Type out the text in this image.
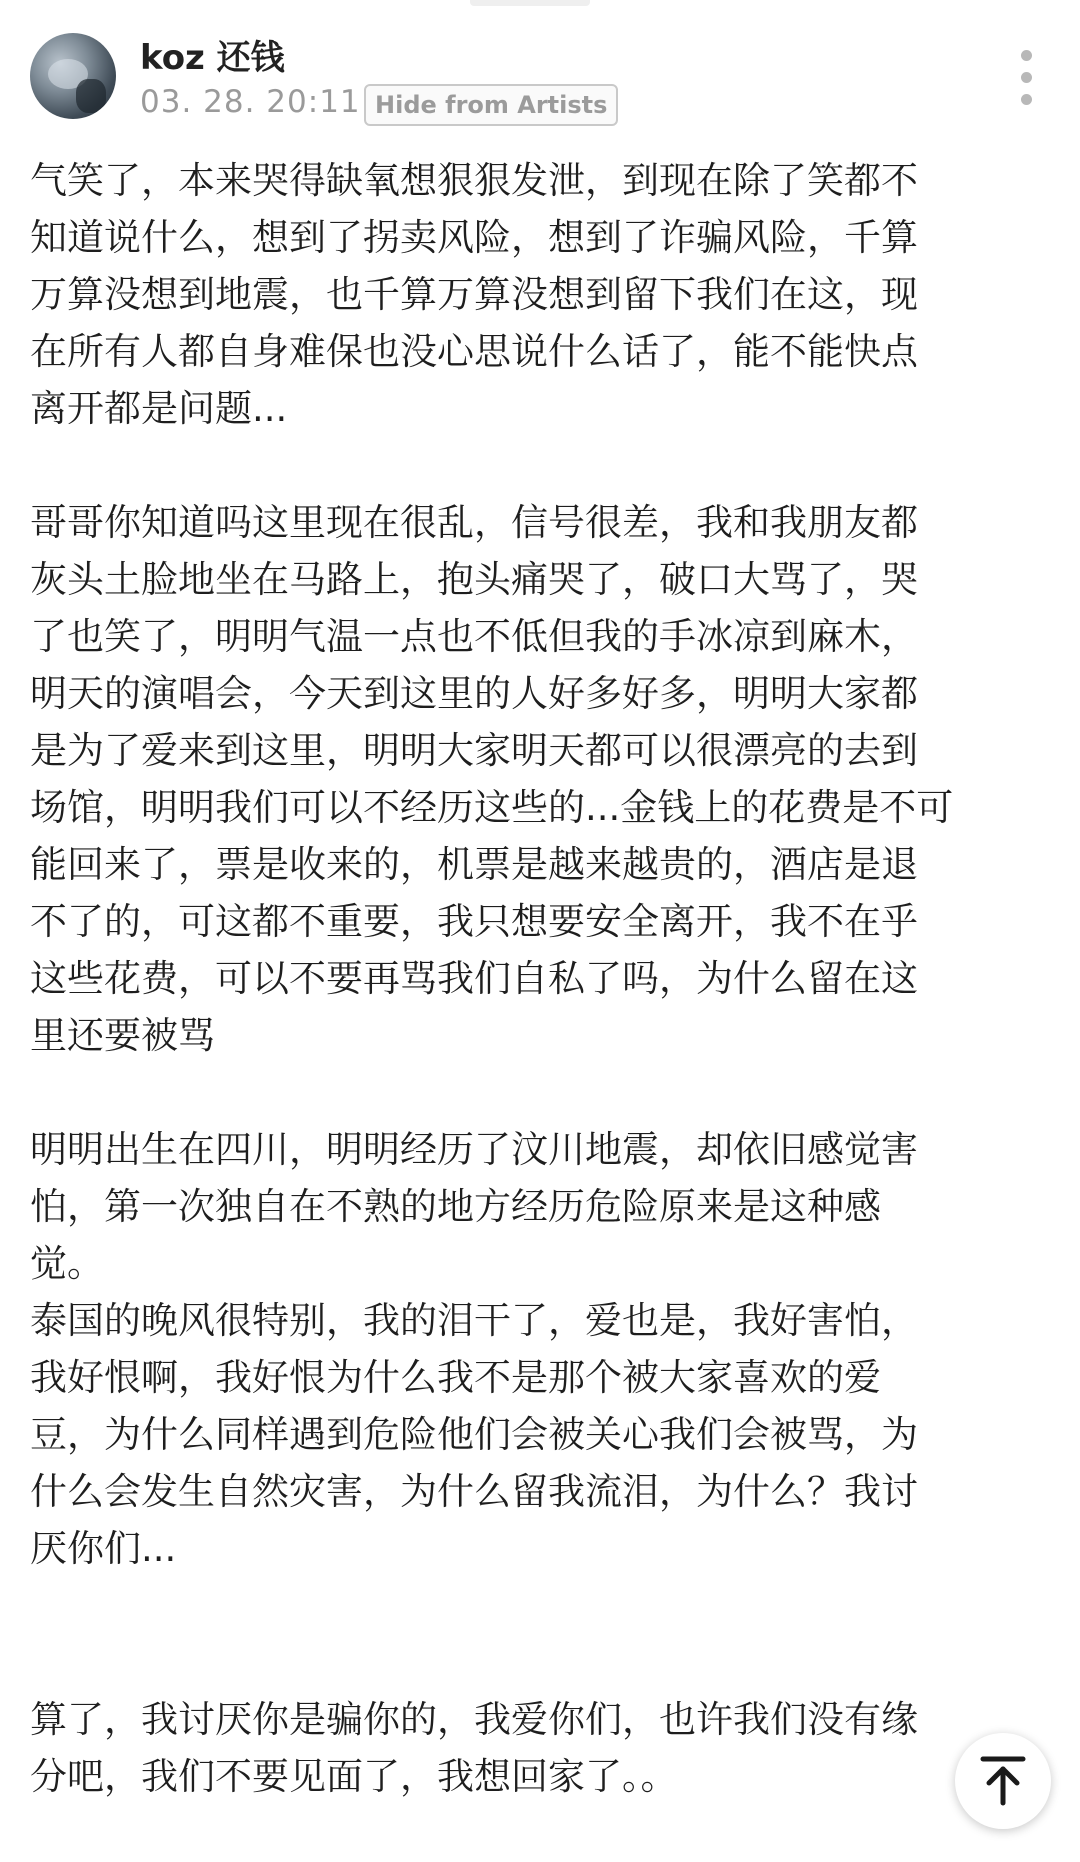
koz 还钱
03. 28. 20:11 Hide from Artists

气笑了，本来哭得缺氧想狠狠发泄，到现在除了笑都不
知道说什么，想到了拐卖风险，想到了诈骗风险，千算
万算没想到地震，也千算万算没想到留下我们在这，现
在所有人都自身难保也没心思说什么话了，能不能快点
离开都是问题...

哥哥你知道吗这里现在很乱，信号很差，我和我朋友都
灰头土脸地坐在马路上，抱头痛哭了，破口大骂了，哭
了也笑了，明明气温一点也不低但我的手冰凉到麻木，
明天的演唱会，今天到这里的人好多好多，明明大家都
是为了爱来到这里，明明大家明天都可以很漂亮的去到
场馆，明明我们可以不经历这些的...金钱上的花费是不可
能回来了，票是收来的，机票是越来越贵的，酒店是退
不了的，可这都不重要，我只想要安全离开，我不在乎
这些花费，可以不要再骂我们自私了吗，为什么留在这
里还要被骂

明明出生在四川，明明经历了汶川地震，却依旧感觉害
怕，第一次独自在不熟的地方经历危险原来是这种感
觉。
泰国的晚风很特别，我的泪干了，爱也是，我好害怕，
我好恨啊，我好恨为什么我不是那个被大家喜欢的爱
豆，为什么同样遇到危险他们会被关心我们会被骂，为
什么会发生自然灾害，为什么留我流泪，为什么？我讨
厌你们...

算了，我讨厌你是骗你的，我爱你们，也许我们没有缘
分吧，我们不要见面了，我想回家了。。
